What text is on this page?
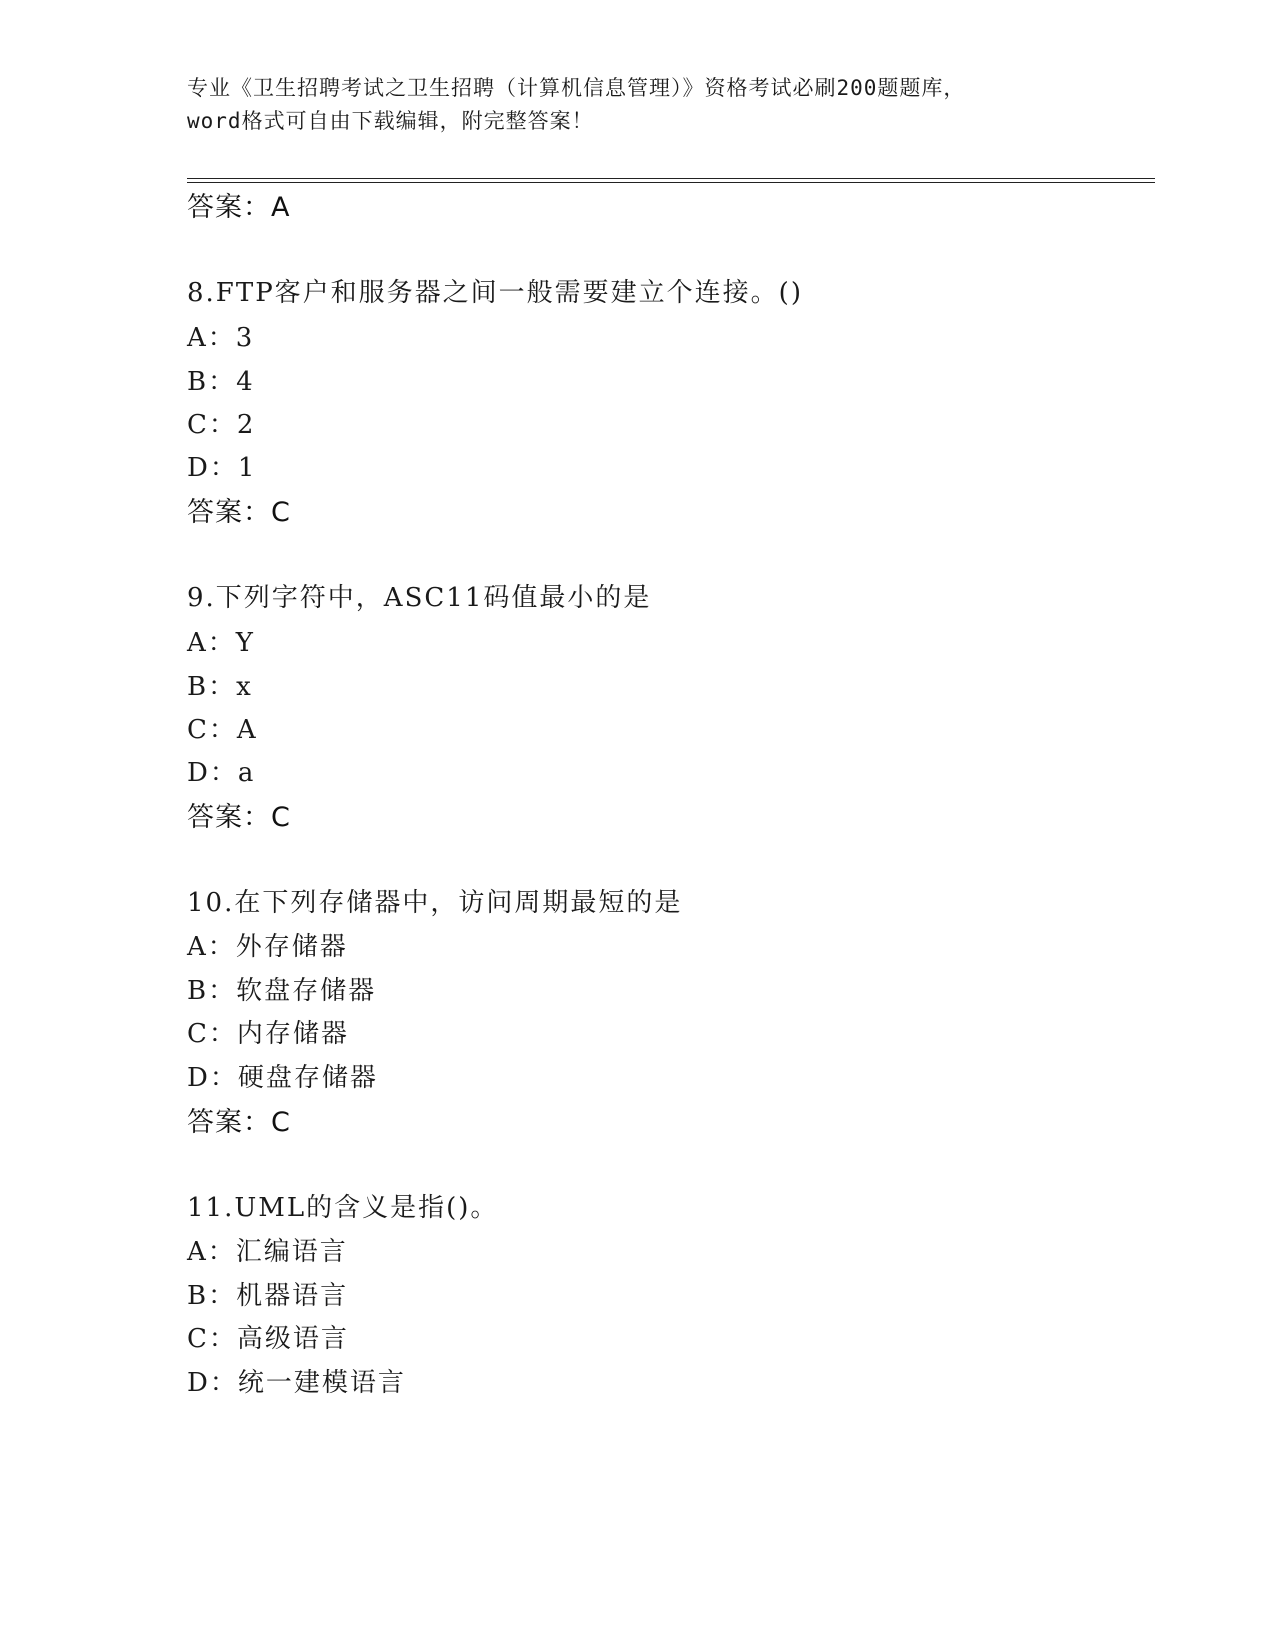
专业《卫生招聘考试之卫生招聘（计算机信息管理）》资格考试必刷200题题库，
word格式可自由下载编辑，附完整答案！
答案：A
8.FTP客户和服务器之间一般需要建立个连接。()
A：3
B：4
C：2
D：1
答案：C
9.下列字符中，ASC11码值最小的是
A：Y
B：x
C：A
D：a
答案：C
10.在下列存储器中，访问周期最短的是
A：外存储器
B：软盘存储器
C：内存储器
D：硬盘存储器
答案：C
11.UML的含义是指()。
A：汇编语言
B：机器语言
C：高级语言
D：统一建模语言
